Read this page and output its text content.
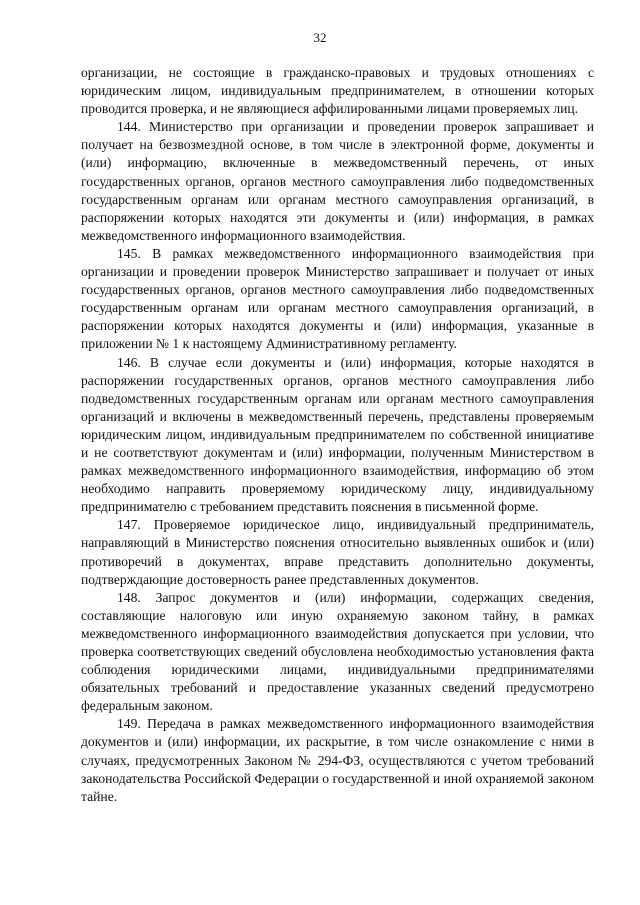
32

организации, не состоящие в гражданско-правовых и трудовых отношениях с юридическим лицом, индивидуальным предпринимателем, в отношении которых проводится проверка, и не являющиеся аффилированными лицами проверяемых лиц.

144. Министерство при организации и проведении проверок запрашивает и получает на безвозмездной основе, в том числе в электронной форме, документы и (или) информацию, включенные в межведомственный перечень, от иных государственных органов, органов местного самоуправления либо подведомственных государственным органам или органам местного самоуправления организаций, в распоряжении которых находятся эти документы и (или) информация, в рамках межведомственного информационного взаимодействия.

145. В рамках межведомственного информационного взаимодействия при организации и проведении проверок Министерство запрашивает и получает от иных государственных органов, органов местного самоуправления либо подведомственных государственным органам или органам местного самоуправления организаций, в распоряжении которых находятся документы и (или) информация, указанные в приложении № 1 к настоящему Административному регламенту.

146. В случае если документы и (или) информация, которые находятся в распоряжении государственных органов, органов местного самоуправления либо подведомственных государственным органам или органам местного самоуправления организаций и включены в межведомственный перечень, представлены проверяемым юридическим лицом, индивидуальным предпринимателем по собственной инициативе и не соответствуют документам и (или) информации, полученным Министерством в рамках межведомственного информационного взаимодействия, информацию об этом необходимо направить проверяемому юридическому лицу, индивидуальному предпринимателю с требованием представить пояснения в письменной форме.

147. Проверяемое юридическое лицо, индивидуальный предприниматель, направляющий в Министерство пояснения относительно выявленных ошибок и (или) противоречий в документах, вправе представить дополнительно документы, подтверждающие достоверность ранее представленных документов.

148. Запрос документов и (или) информации, содержащих сведения, составляющие налоговую или иную охраняемую законом тайну, в рамках межведомственного информационного взаимодействия допускается при условии, что проверка соответствующих сведений обусловлена необходимостью установления факта соблюдения юридическими лицами, индивидуальными предпринимателями обязательных требований и предоставление указанных сведений предусмотрено федеральным законом.

149. Передача в рамках межведомственного информационного взаимодействия документов и (или) информации, их раскрытие, в том числе ознакомление с ними в случаях, предусмотренных Законом № 294-ФЗ, осуществляются с учетом требований законодательства Российской Федерации о государственной и иной охраняемой законом тайне.
